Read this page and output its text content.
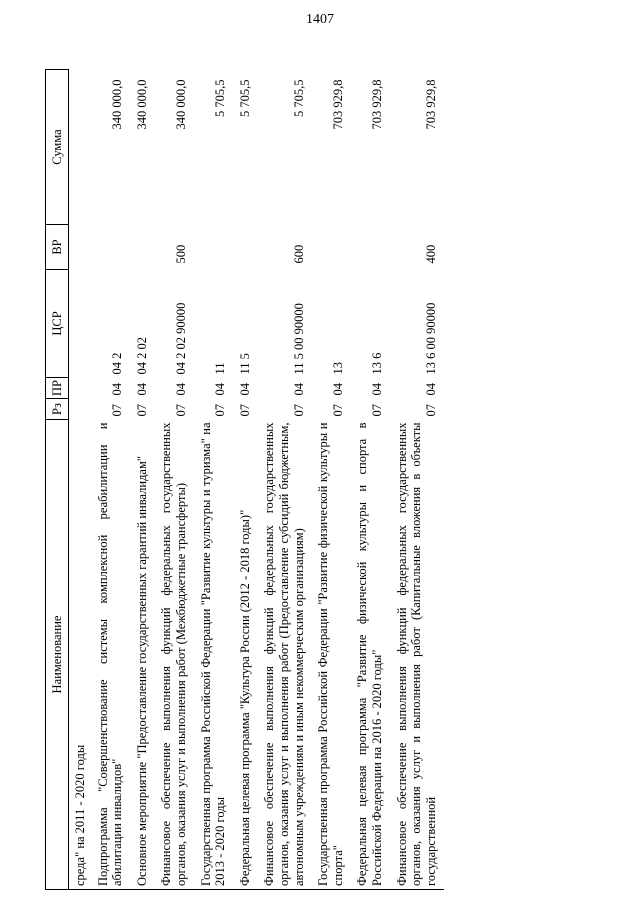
1407
Наименование	Рз	ПР	ЦСР	ВР	Сумма
среда" на 2011 - 2020 годы					
Подпрограмма "Совершенствование системы комплексной реабилитации и абилитации инвалидов"	07	04	04 2		340 000,0
Основное мероприятие "Предоставление государственных гарантий инвалидам"	07	04	04 2 02		340 000,0
Финансовое обеспечение выполнения функций федеральных государственных органов, оказания услуг и выполнения работ (Межбюджетные трансферты)	07	04	04 2 02 90000	500	340 000,0
Государственная программа Российской Федерации "Развитие культуры и туризма" на 2013 - 2020 годы	07	04	11		5 705,5
Федеральная целевая программа "Культура России (2012 - 2018 годы)"	07	04	11 5		5 705,5
Финансовое обеспечение выполнения функций федеральных государственных органов, оказания услуг и выполнения работ (Предоставление субсидий бюджетным, автономным учреждениям и иным некоммерческим организациям)	07	04	11 5 00 90000	600	5 705,5
Государственная программа Российской Федерации "Развитие физической культуры и спорта"	07	04	13		703 929,8
Федеральная целевая программа "Развитие физической культуры и спорта в Российской Федерации на 2016 - 2020 годы"	07	04	13 6		703 929,8
Финансовое обеспечение выполнения функций федеральных государственных органов, оказания услуг и выполнения работ (Капитальные вложения в объекты государственной	07	04	13 6 00 90000	400	703 929,8
